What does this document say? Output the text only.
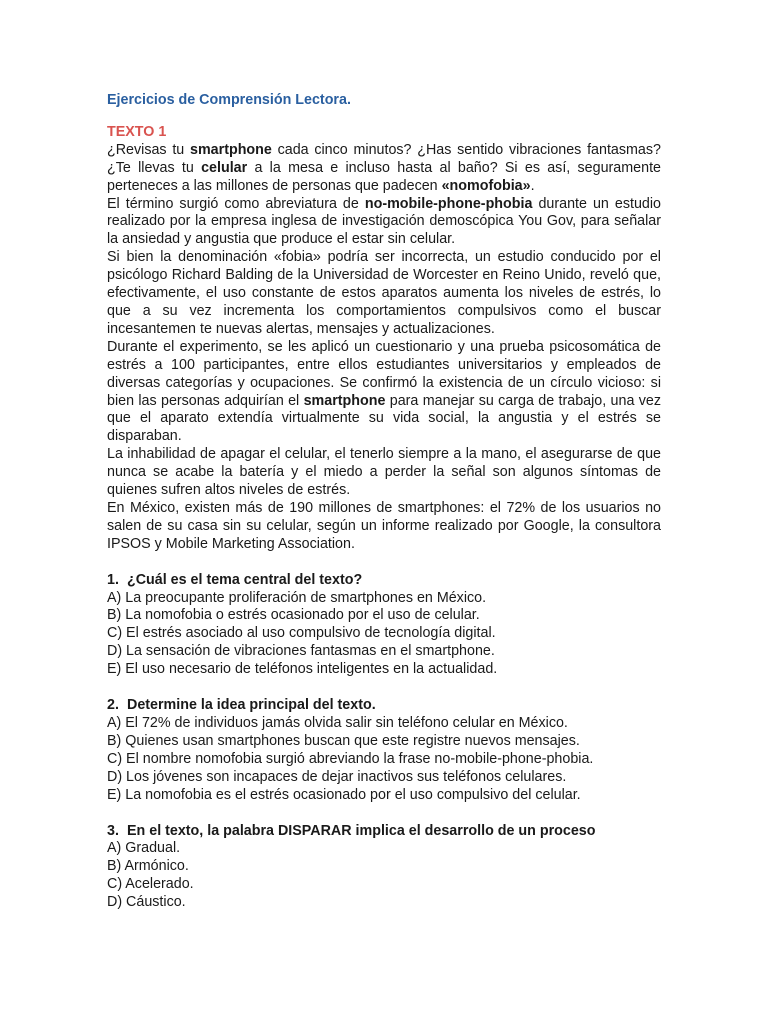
Ejercicios de Comprensión Lectora.

TEXTO 1

¿Revisas tu smartphone cada cinco minutos? ¿Has sentido vibraciones fantasmas? ¿Te llevas tu celular a la mesa e incluso hasta al baño? Si es así, seguramente perteneces a las millones de personas que padecen «nomofobia».

El término surgió como abreviatura de no-mobile-phone-phobia durante un estudio realizado por la empresa inglesa de investigación demoscópica You Gov, para señalar la ansiedad y angustia que produce el estar sin celular.

Si bien la denominación «fobia» podría ser incorrecta, un estudio conducido por el psicólogo Richard Balding de la Universidad de Worcester en Reino Unido, reveló que, efectivamente, el uso constante de estos aparatos aumenta los niveles de estrés, lo que a su vez incrementa los comportamientos compulsivos como el buscar incesantemen te nuevas alertas, mensajes y actualizaciones.

Durante el experimento, se les aplicó un cuestionario y una prueba psicosomática de estrés a 100 participantes, entre ellos estudiantes universitarios y empleados de diversas categorías y ocupaciones. Se confirmó la existencia de un círculo vicioso: si bien las personas adquirían el smartphone para manejar su carga de trabajo, una vez que el aparato extendía virtualmente su vida social, la angustia y el estrés se disparaban.

La inhabilidad de apagar el celular, el tenerlo siempre a la mano, el asegurarse de que nunca se acabe la batería y el miedo a perder la señal son algunos síntomas de quienes sufren altos niveles de estrés.

En México, existen más de 190 millones de smartphones: el 72% de los usuarios no salen de su casa sin su celular, según un informe realizado por Google, la consultora IPSOS y Mobile Marketing Association.

1. ¿Cuál es el tema central del texto?

A) La preocupante proliferación de smartphones en México.

B) La nomofobia o estrés ocasionado por el uso de celular.

C) El estrés asociado al uso compulsivo de tecnología digital.

D) La sensación de vibraciones fantasmas en el smartphone.

E) El uso necesario de teléfonos inteligentes en la actualidad.

2. Determine la idea principal del texto.

A) El 72% de individuos jamás olvida salir sin teléfono celular en México.

B) Quienes usan smartphones buscan que este registre nuevos mensajes.

C) El nombre nomofobia surgió abreviando la frase no-mobile-phone-phobia.

D) Los jóvenes son incapaces de dejar inactivos sus teléfonos celulares.

E) La nomofobia es el estrés ocasionado por el uso compulsivo del celular.

3. En el texto, la palabra DISPARAR implica el desarrollo de un proceso

A) Gradual.

B) Armónico.

C) Acelerado.

D) Cáustico.
